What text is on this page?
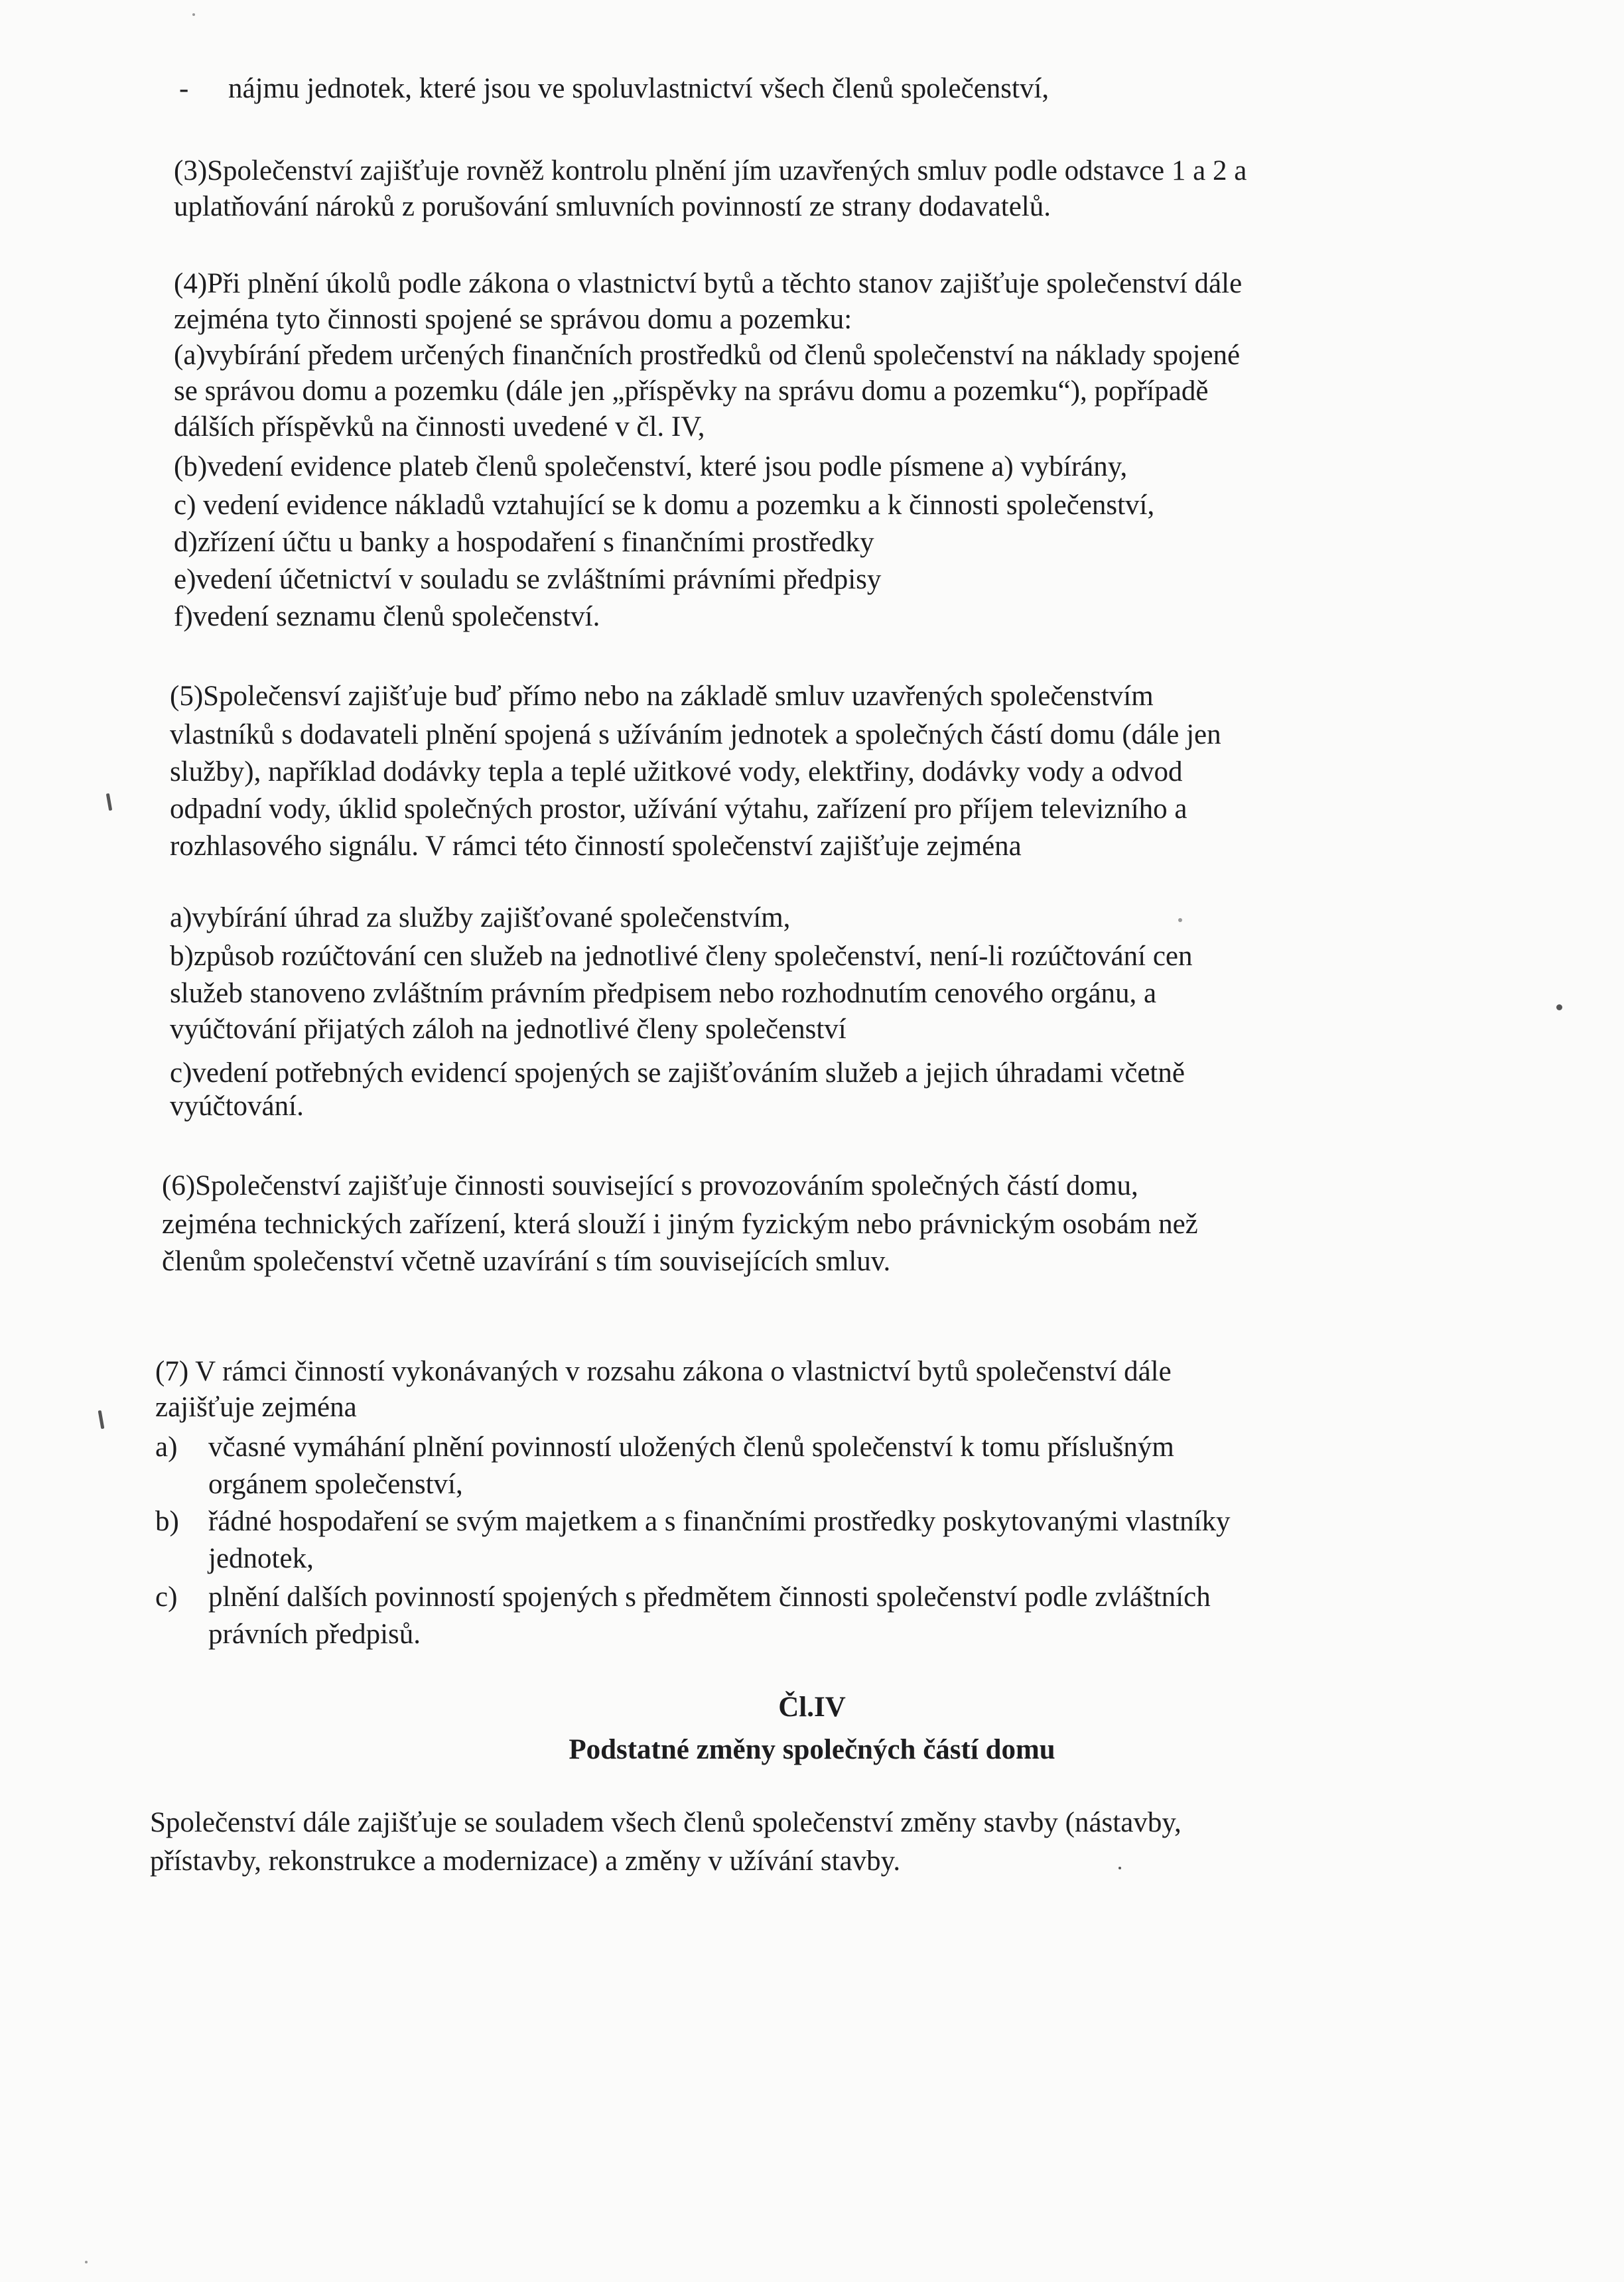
- nájmu jednotek, které jsou ve spoluvlastnictví všech členů společenství,
(3)Společenství zajišťuje rovněž kontrolu plnění jím uzavřených smluv podle odstavce 1 a 2 a
uplatňování nároků z porušování smluvních povinností ze strany dodavatelů.
(4)Při plnění úkolů podle zákona o vlastnictví bytů a těchto stanov zajišťuje společenství dále
zejména tyto činnosti spojené se správou domu a pozemku:
(a)vybírání předem určených finančních prostředků od členů společenství na náklady spojené
se správou domu a pozemku (dále jen „příspěvky na správu domu a pozemku“), popřípadě
dálších příspěvků na činnosti uvedené v čl. IV,
(b)vedení evidence plateb členů společenství, které jsou podle písmene a) vybírány,
c) vedení evidence nákladů vztahující se k domu a pozemku a k činnosti společenství,
d)zřízení účtu u banky a hospodaření s finančními prostředky
e)vedení účetnictví v souladu se zvláštními právními předpisy
f)vedení seznamu členů společenství.
(5)Společensví zajišťuje buď přímo nebo na základě smluv uzavřených společenstvím
vlastníků s dodavateli plnění spojená s užíváním jednotek a společných částí domu (dále jen
služby), například dodávky tepla a teplé užitkové vody, elektřiny, dodávky vody a odvod
odpadní vody, úklid společných prostor, užívání výtahu, zařízení pro příjem televizního a
rozhlasového signálu. V rámci této činností společenství zajišťuje zejména
a)vybírání úhrad za služby zajišťované společenstvím,
b)způsob rozúčtování cen služeb na jednotlivé členy společenství, není-li rozúčtování cen
služeb stanoveno zvláštním právním předpisem nebo rozhodnutím cenového orgánu, a
vyúčtování přijatých záloh na jednotlivé členy společenství
c)vedení potřebných evidencí spojených se zajišťováním služeb a jejich úhradami včetně
vyúčtování.
(6)Společenství zajišťuje činnosti související s provozováním společných částí domu,
zejména technických zařízení, která slouží i jiným fyzickým nebo právnickým osobám než
členům společenství včetně uzavírání s tím souvisejících smluv.
(7) V rámci činností vykonávaných v rozsahu zákona o vlastnictví bytů společenství dále
zajišťuje zejména
a) včasné vymáhání plnění povinností uložených členů společenství k tomu příslušným
orgánem společenství,
b) řádné hospodaření se svým majetkem a s finančními prostředky poskytovanými vlastníky
jednotek,
c) plnění dalších povinností spojených s předmětem činnosti společenství podle zvláštních
právních předpisů.
Čl.IV
Podstatné změny společných částí domu
Společenství dále zajišťuje se souladem všech členů společenství změny stavby (nástavby,
přístavby, rekonstrukce a modernizace) a změny v užívání stavby.
